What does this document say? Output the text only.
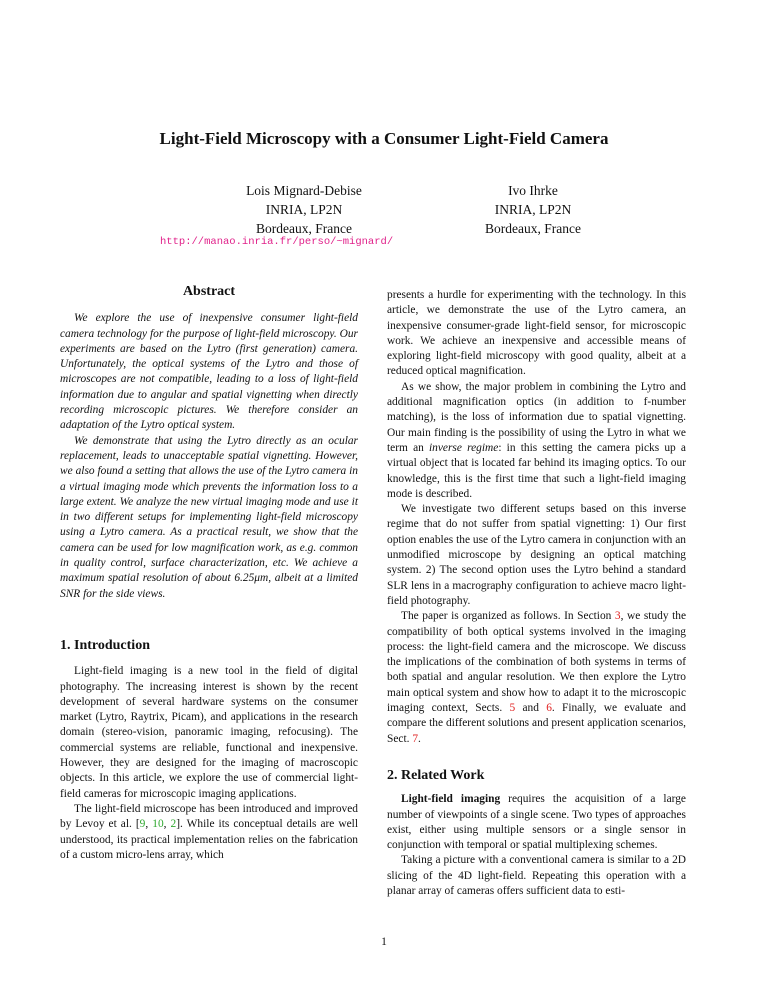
Light-Field Microscopy with a Consumer Light-Field Camera
Lois Mignard-Debise
INRIA, LP2N
Bordeaux, France
Ivo Ihrke
INRIA, LP2N
Bordeaux, France
http://manao.inria.fr/perso/~mignard/
Abstract

We explore the use of inexpensive consumer light-field camera technology for the purpose of light-field microscopy. Our experiments are based on the Lytro (first generation) camera. Unfortunately, the optical systems of the Lytro and those of microscopes are not compatible, leading to a loss of light-field information due to angular and spatial vignetting when directly recording microscopic pictures. We therefore consider an adaptation of the Lytro optical system.

We demonstrate that using the Lytro directly as an ocular replacement, leads to unacceptable spatial vignetting. However, we also found a setting that allows the use of the Lytro camera in a virtual imaging mode which prevents the information loss to a large extent. We analyze the new virtual imaging mode and use it in two different setups for implementing light-field microscopy using a Lytro camera. As a practical result, we show that the camera can be used for low magnification work, as e.g. common in quality control, surface characterization, etc. We achieve a maximum spatial resolution of about 6.25μm, albeit at a limited SNR for the side views.

1. Introduction

Light-field imaging is a new tool in the field of digital photography. The increasing interest is shown by the recent development of several hardware systems on the consumer market (Lytro, Raytrix, Picam), and applications in the research domain (stereo-vision, panoramic imaging, refocusing). The commercial systems are reliable, functional and inexpensive. However, they are designed for the imaging of macroscopic objects. In this article, we explore the use of commercial light-field cameras for microscopic imaging applications.

The light-field microscope has been introduced and improved by Levoy et al. [9, 10, 2]. While its conceptual details are well understood, its practical implementation relies on the fabrication of a custom micro-lens array, which

presents a hurdle for experimenting with the technology. In this article, we demonstrate the use of the Lytro camera, an inexpensive consumer-grade light-field sensor, for microscopic work. We achieve an inexpensive and accessible means of exploring light-field microscopy with good quality, albeit at a reduced optical magnification.

As we show, the major problem in combining the Lytro and additional magnification optics (in addition to f-number matching), is the loss of information due to spatial vignetting. Our main finding is the possibility of using the Lytro in what we term an inverse regime: in this setting the camera picks up a virtual object that is located far behind its imaging optics. To our knowledge, this is the first time that such a light-field imaging mode is described.

We investigate two different setups based on this inverse regime that do not suffer from spatial vignetting: 1) Our first option enables the use of the Lytro camera in conjunction with an unmodified microscope by designing an optical matching system. 2) The second option uses the Lytro behind a standard SLR lens in a macrography configuration to achieve macro light-field photography.

The paper is organized as follows. In Section 3, we study the compatibility of both optical systems involved in the imaging process: the light-field camera and the microscope. We discuss the implications of the combination of both systems in terms of both spatial and angular resolution. We then explore the Lytro main optical system and show how to adapt it to the microscopic imaging context, Sects. 5 and 6. Finally, we evaluate and compare the different solutions and present application scenarios, Sect. 7.

2. Related Work

Light-field imaging requires the acquisition of a large number of viewpoints of a single scene. Two types of approaches exist, either using multiple sensors or a single sensor in conjunction with temporal or spatial multiplexing schemes.

Taking a picture with a conventional camera is similar to a 2D slicing of the 4D light-field. Repeating this operation with a planar array of cameras offers sufficient data to esti-

1
